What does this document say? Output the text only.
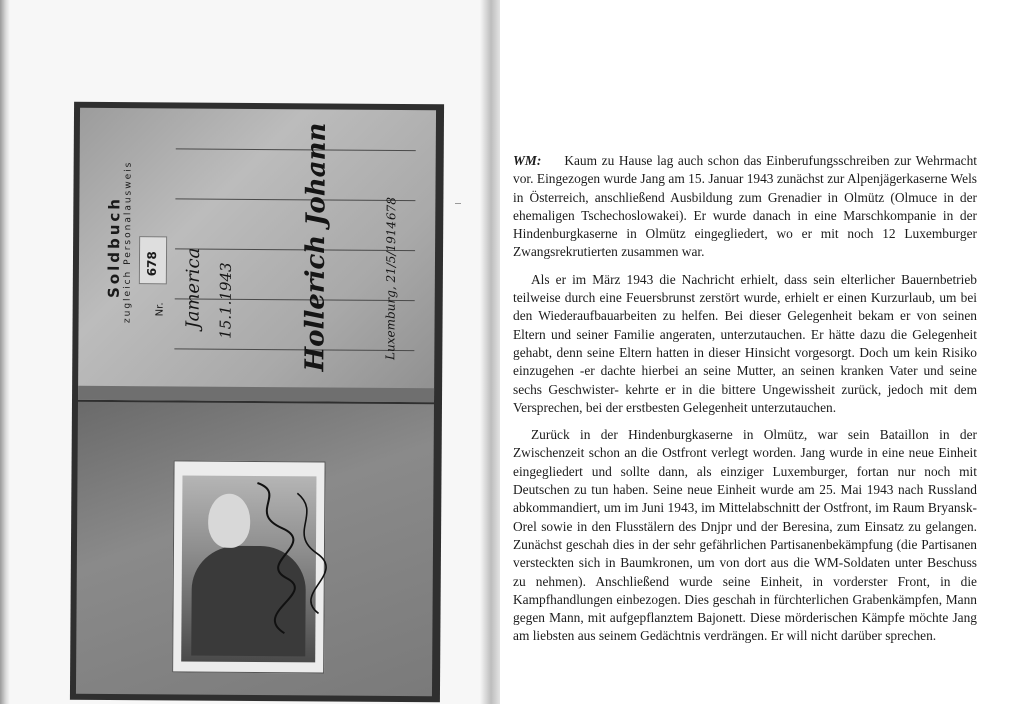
Soldbuch zugleich Personalausweis 678
Nr. Jamerica 15.1.1943	Hollerich Johann	678
Luxemburg, 21/5/1914

WM: Kaum zu Hause lag auch schon das Einberufungsschreiben zur Wehrmacht vor. Eingezogen wurde Jang am 15. Januar 1943 zunächst zur Alpenjägerkaserne Wels in Österreich, anschließend Ausbildung zum Grenadier in Olmütz (Olmuce in der ehemaligen Tschechoslowakei). Er wurde danach in eine Marschkompanie in der Hindenburgkaserne in Olmütz eingegliedert, wo er mit noch 12 Luxemburger Zwangsrekrutierten zusammen war.

Als er im März 1943 die Nachricht erhielt, dass sein elterlicher Bauernbetrieb teilweise durch eine Feuersbrunst zerstört wurde, erhielt er einen Kurzurlaub, um bei den Wiederaufbauarbeiten zu helfen. Bei dieser Gelegenheit bekam er von seinen Eltern und seiner Familie angeraten, unterzutauchen. Er hätte dazu die Gelegenheit gehabt, denn seine Eltern hatten in dieser Hinsicht vorgesorgt. Doch um kein Risiko einzugehen -er dachte hierbei an seine Mutter, an seinen kranken Vater und seine sechs Geschwister- kehrte er in die bittere Ungewissheit zurück, jedoch mit dem Versprechen, bei der erstbesten Gelegenheit unterzutauchen.

Zurück in der Hindenburgkaserne in Olmütz, war sein Bataillon in der Zwischenzeit schon an die Ostfront verlegt worden. Jang wurde in eine neue Einheit eingegliedert und sollte dann, als einziger Luxemburger, fortan nur noch mit Deutschen zu tun haben. Seine neue Einheit wurde am 25. Mai 1943 nach Russland abkommandiert, um im Juni 1943, im Mittelabschnitt der Ostfront, im Raum Bryansk-Orel sowie in den Flusstälern des Dnjpr und der Beresina, zum Einsatz zu gelangen. Zunächst geschah dies in der sehr gefährlichen Partisanenbekämpfung (die Partisanen versteckten sich in Baumkronen, um von dort aus die WM-Soldaten unter Beschuss zu nehmen). Anschließend wurde seine Einheit, in vorderster Front, in die Kampfhandlungen einbezogen. Dies geschah in fürchterlichen Grabenkämpfen, Mann gegen Mann, mit aufgepflanztem Bajonett. Diese mörderischen Kämpfe möchte Jang am liebsten aus seinem Gedächtnis verdrängen. Er will nicht darüber sprechen.
